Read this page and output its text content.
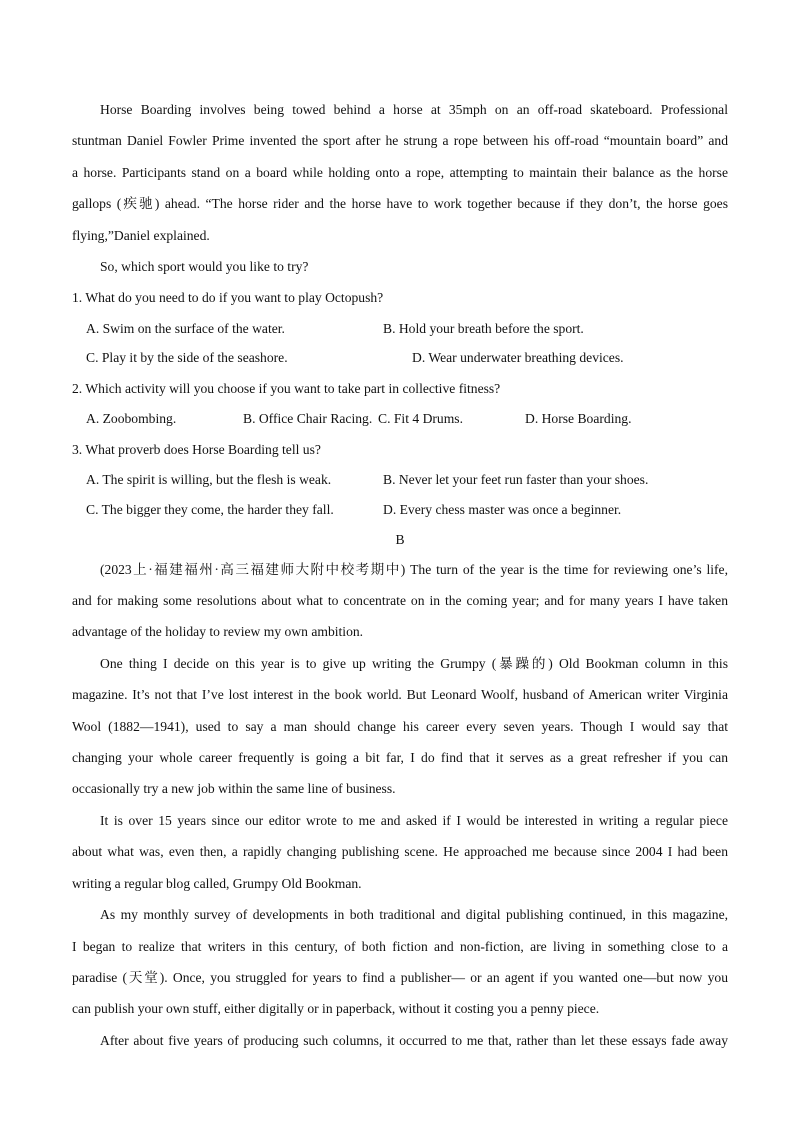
Horse Boarding involves being towed behind a horse at 35mph on an off-road skateboard. Professional
stuntman Daniel Fowler Prime invented the sport after he strung a rope between his off-road “mountain board” and
a horse. Participants stand on a board while holding onto a rope, attempting to maintain their balance as the horse
gallops (疾驰) ahead. “The horse rider and the horse have to work together because if they don’t, the horse goes
flying,”Daniel explained.

So, which sport would you like to try?

1. What do you need to do if you want to play Octopush?

A. Swim on the surface of the water.	B. Hold your breath before the sport.
C. Play it by the side of the seashore.	D. Wear underwater breathing devices.

2. Which activity will you choose if you want to take part in collective fitness?

A. Zoobombing.	B. Office Chair Racing. C. Fit 4 Drums.	D. Horse Boarding.

3. What proverb does Horse Boarding tell us?

A. The spirit is willing, but the flesh is weak.	B. Never let your feet run faster than your shoes.
C. The bigger they come, the harder they fall.	D. Every chess master was once a beginner.

B

(2023上·福建福州·高三福建师大附中校考期中) The turn of the year is the time for reviewing one’s life,
and for making some resolutions about what to concentrate on in the coming year; and for many years I have taken
advantage of the holiday to review my own ambition.
One thing I decide on this year is to give up writing the Grumpy (暴躁的) Old Bookman column in this
magazine. It’s not that I’ve lost interest in the book world. But Leonard Woolf, husband of American writer Virginia
Wool (1882—1941), used to say a man should change his career every seven years. Though I would say that
changing your whole career frequently is going a bit far, I do find that it serves as a great refresher if you can
occasionally try a new job within the same line of business.
It is over 15 years since our editor wrote to me and asked if I would be interested in writing a regular piece
about what was, even then, a rapidly changing publishing scene. He approached me because since 2004 I had been
writing a regular blog called, Grumpy Old Bookman.
As my monthly survey of developments in both traditional and digital publishing continued, in this magazine,
I began to realize that writers in this century, of both fiction and non-fiction, are living in something close to a
paradise (天堂). Once, you struggled for years to find a publisher— or an agent if you wanted one—but now you
can publish your own stuff, either digitally or in paperback, without it costing you a penny piece.
After about five years of producing such columns, it occurred to me that, rather than let these essays fade away
